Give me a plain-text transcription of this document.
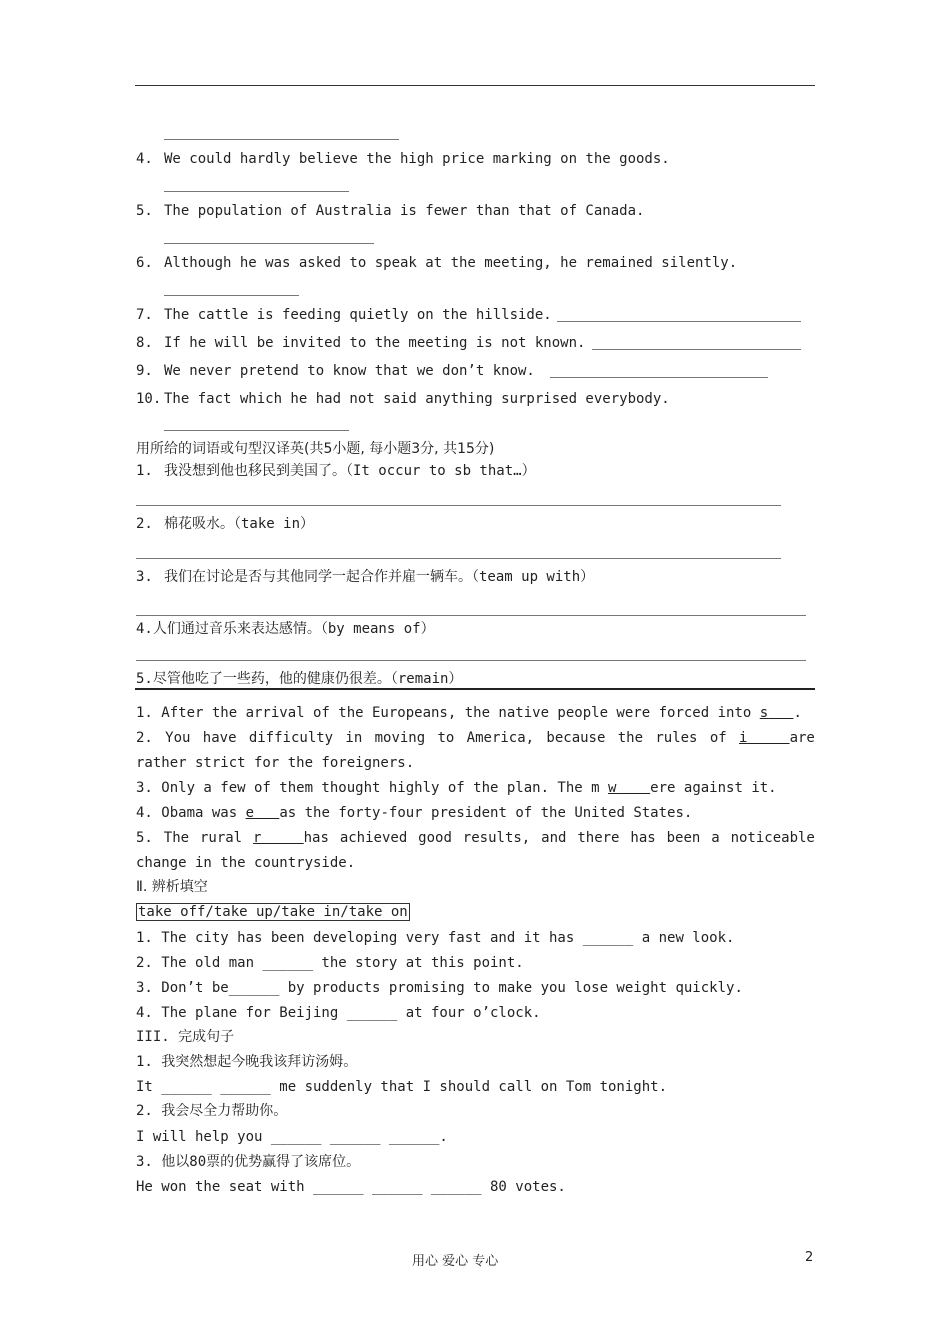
4. We could hardly believe the high price marking on the goods.
5. The population of Australia is fewer than that of Canada.
6. Although he was asked to speak at the meeting, he remained silently.
7. The cattle is feeding quietly on the hillside.
8. If he will be invited to the meeting is not known.
9. We never pretend to know that we don’t know.
10. The fact which he had not said anything surprised everybody.
用所给的词语或句型汉译英(共5小题, 每小题3分, 共15分)
1. 我没想到他也移民到美国了。（It occur to sb that…）
2. 棉花吸水。（take in）
3. 我们在讨论是否与其他同学一起合作并雇一辆车。（team up with）
4.人们通过音乐来表达感情。（by means of）
5.尽管他吃了一些药，他的健康仍很差。（remain）
1. After the arrival of the Europeans, the native people were forced into s .
2. You have difficulty in moving to America, because the rules of i	are
rather strict for the foreigners.
3. Only a few of them thought highly of the plan. The m w ere against it.
4. Obama was e as the forty-four president of the United States.
5. The rural r	has achieved good results, and there has been a noticeable
change in the countryside.
Ⅱ. 辨析填空
take off/take up/take in/take on
1. The city has been developing very fast and it has ______ a new look.
2. The old man ______ the story at this point.
3. Don’t be______ by products promising to make you lose weight quickly.
4. The plane for Beijing ______ at four o’clock.
III. 完成句子
1. 我突然想起今晚我该拜访汤姆。
It ______ ______ me suddenly that I should call on Tom tonight.
2. 我会尽全力帮助你。
I will help you ______ ______ ______.
3. 他以80票的优势赢得了该席位。
He won the seat with ______ ______ ______ 80 votes.
用心 爱心 专心	2
